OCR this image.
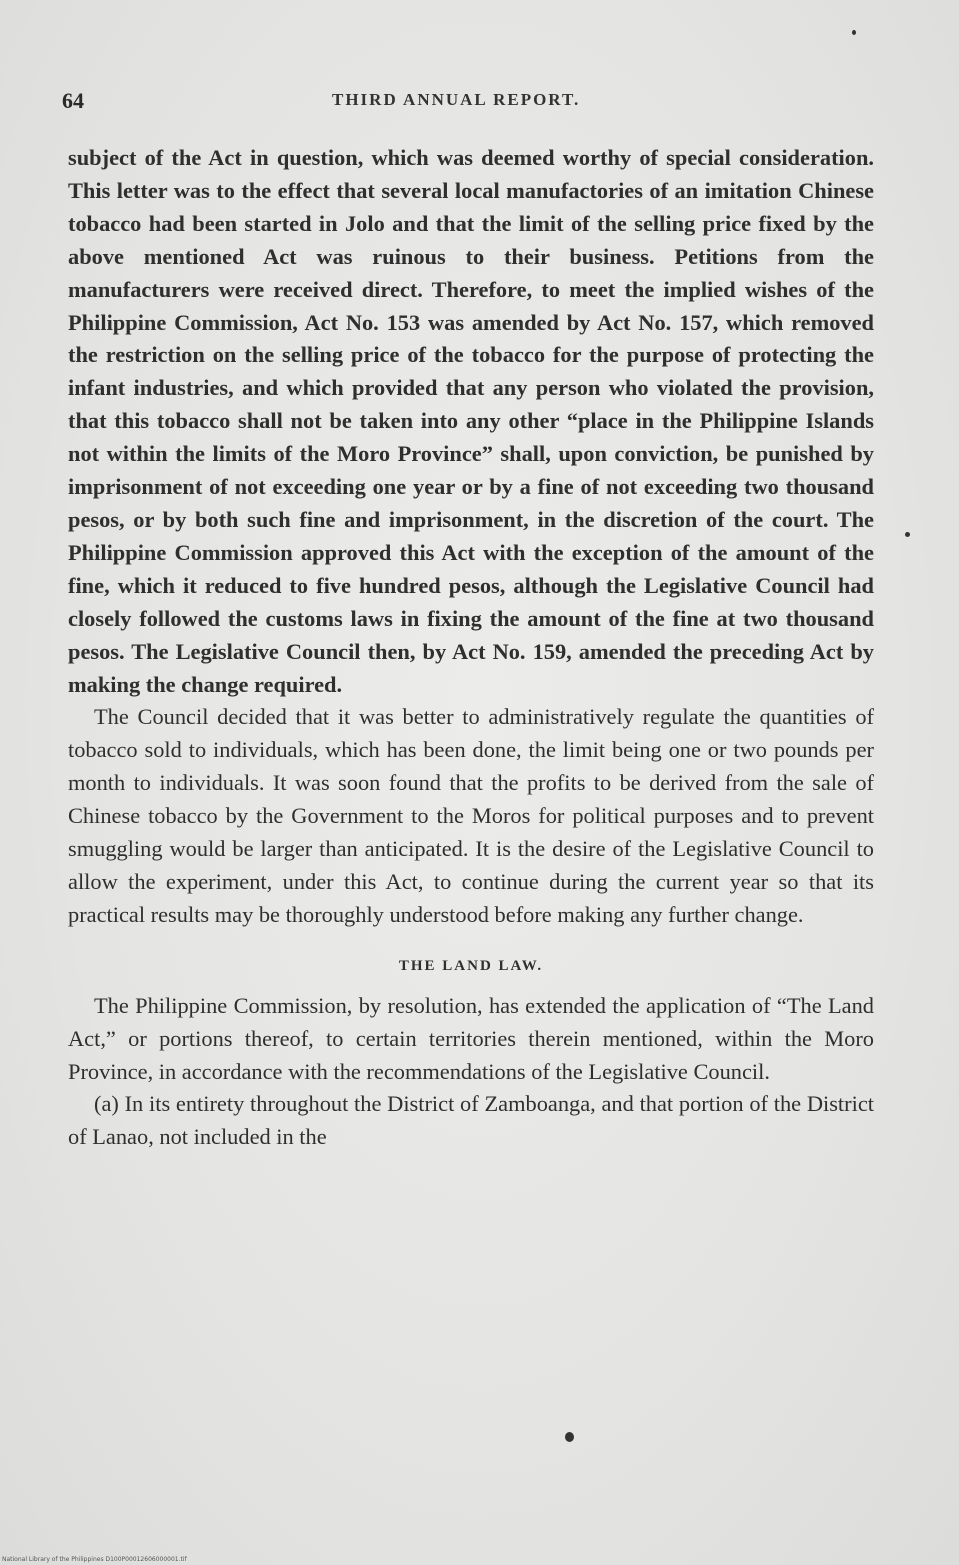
64	THIRD ANNUAL REPORT.

subject of the Act in question, which was deemed worthy of special consideration. This letter was to the effect that several local manufactories of an imitation Chinese tobacco had been started in Jolo and that the limit of the selling price fixed by the above mentioned Act was ruinous to their business. Petitions from the manufacturers were received direct. Therefore, to meet the implied wishes of the Philippine Commission, Act No. 153 was amended by Act No. 157, which removed the restriction on the selling price of the tobacco for the purpose of protecting the infant industries, and which provided that any person who violated the provision, that this tobacco shall not be taken into any other “place in the Philippine Islands not within the limits of the Moro Province” shall, upon conviction, be punished by imprisonment of not exceeding one year or by a fine of not exceeding two thousand pesos, or by both such fine and imprisonment, in the discretion of the court. The Philippine Commission approved this Act with the exception of the amount of the fine, which it reduced to five hundred pesos, although the Legislative Council had closely followed the customs laws in fixing the amount of the fine at two thousand pesos. The Legislative Council then, by Act No. 159, amended the preceding Act by making the change required.

The Council decided that it was better to administratively regulate the quantities of tobacco sold to individuals, which has been done, the limit being one or two pounds per month to individuals. It was soon found that the profits to be derived from the sale of Chinese tobacco by the Government to the Moros for political purposes and to prevent smuggling would be larger than anticipated. It is the desire of the Legislative Council to allow the experiment, under this Act, to continue during the current year so that its practical results may be thoroughly understood before making any further change.

THE LAND LAW.

The Philippine Commission, by resolution, has extended the application of “The Land Act,” or portions thereof, to certain territories therein mentioned, within the Moro Province, in accordance with the recommendations of the Legislative Council.

(a) In its entirety throughout the District of Zamboanga, and that portion of the District of Lanao, not included in the

National Library of the Philippines D100P00012606000001.tif
